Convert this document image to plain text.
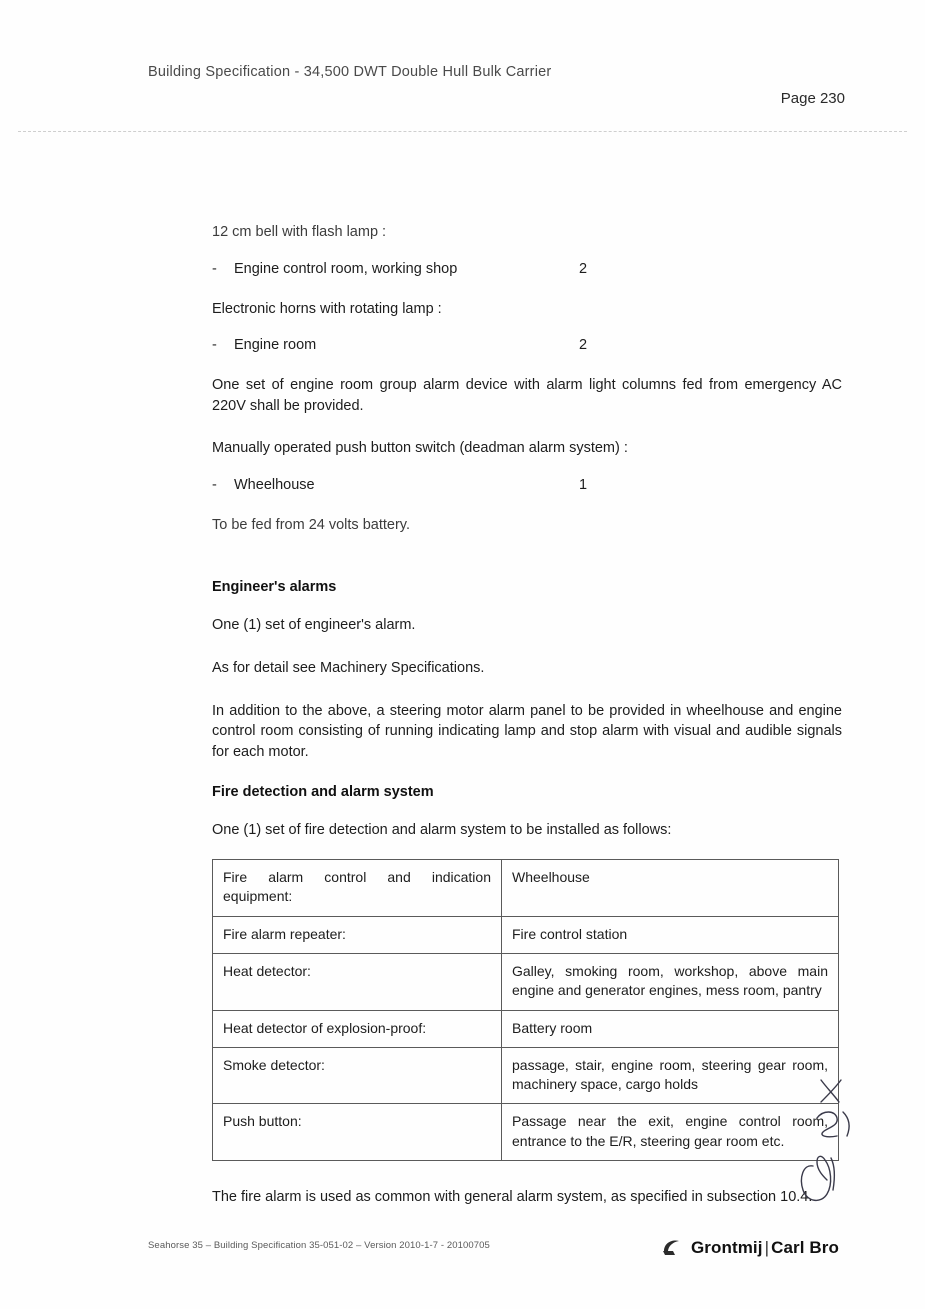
Building Specification - 34,500 DWT Double Hull Bulk Carrier
Page 230

12 cm bell with flash lamp :

-	Engine control room, working shop	2

Electronic horns with rotating lamp :

-	Engine room	2

One set of engine room group alarm device with alarm light columns fed from emergency AC 220V shall be provided.

Manually operated push button switch (deadman alarm system) :

-	Wheelhouse	1

To be fed from 24 volts battery.

Engineer's alarms

One (1) set of engineer's alarm.

As for detail see Machinery Specifications.

In addition to the above, a steering motor alarm panel to be provided in wheelhouse and engine control room consisting of running indicating lamp and stop alarm with visual and audible signals for each motor.

Fire detection and alarm system

One (1) set of fire detection and alarm system to be installed as follows:

Fire alarm control and indication equipment:	Wheelhouse
Fire alarm repeater:	Fire control station
Heat detector:	Galley, smoking room, workshop, above main engine and generator engines, mess room, pantry
Heat detector of explosion-proof:	Battery room
Smoke detector:	passage, stair, engine room, steering gear room, machinery space, cargo holds
Push button:	Passage near the exit, engine control room, entrance to the E/R, steering gear room etc.

The fire alarm is used as common with general alarm system, as specified in subsection 10.4.

Seahorse 35 – Building Specification 35-051-02 – Version 2010-1-7 - 20100705	Grontmij | Carl Bro
